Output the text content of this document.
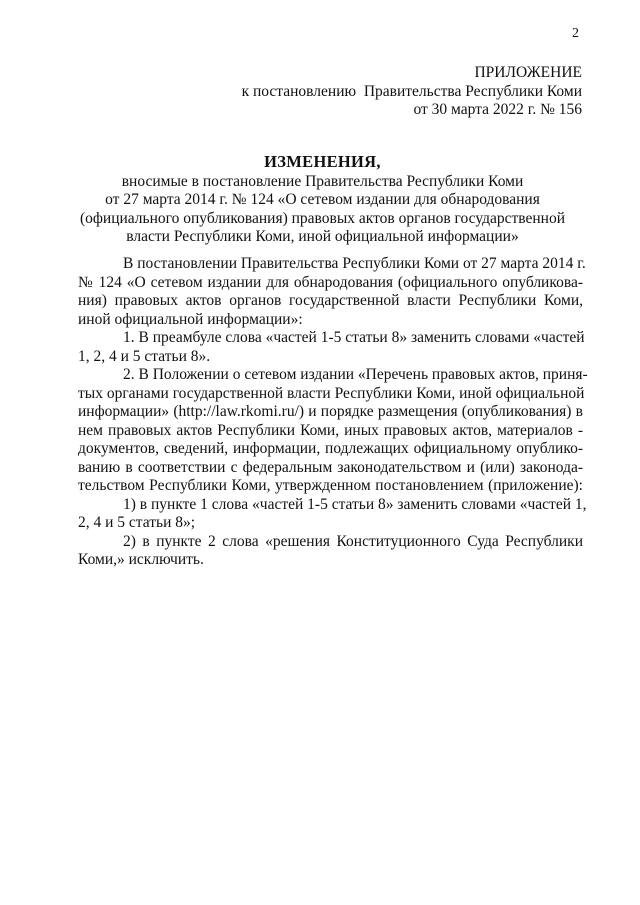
2
ПРИЛОЖЕНИЕ
к постановлению  Правительства Республики Коми
от 30 марта 2022 г. № 156
ИЗМЕНЕНИЯ,
вносимые в постановление Правительства Республики Коми
от 27 марта 2014 г. № 124 «О сетевом издании для обнародования
(официального опубликования) правовых актов органов государственной
власти Республики Коми, иной официальной информации»
В постановлении Правительства Республики Коми от 27 марта 2014 г.
№ 124 «О сетевом издании для обнародования (официального опубликова-
ния) правовых актов органов государственной власти Республики Коми,
иной официальной информации»:
1. В преамбуле слова «частей 1-5 статьи 8» заменить словами «частей
1, 2, 4 и 5 статьи 8».
2. В Положении о сетевом издании «Перечень правовых актов, приня-
тых органами государственной власти Республики Коми, иной официальной
информации» (http://law.rkomi.ru/) и порядке размещения (опубликования) в
нем правовых актов Республики Коми, иных правовых актов, материалов -
документов, сведений, информации, подлежащих официальному опублико-
ванию в соответствии с федеральным законодательством и (или) законода-
тельством Республики Коми, утвержденном постановлением (приложение):
1) в пункте 1 слова «частей 1-5 статьи 8» заменить словами «частей 1,
2, 4 и 5 статьи 8»;
2) в пункте 2 слова «решения Конституционного Суда Республики
Коми,» исключить.
